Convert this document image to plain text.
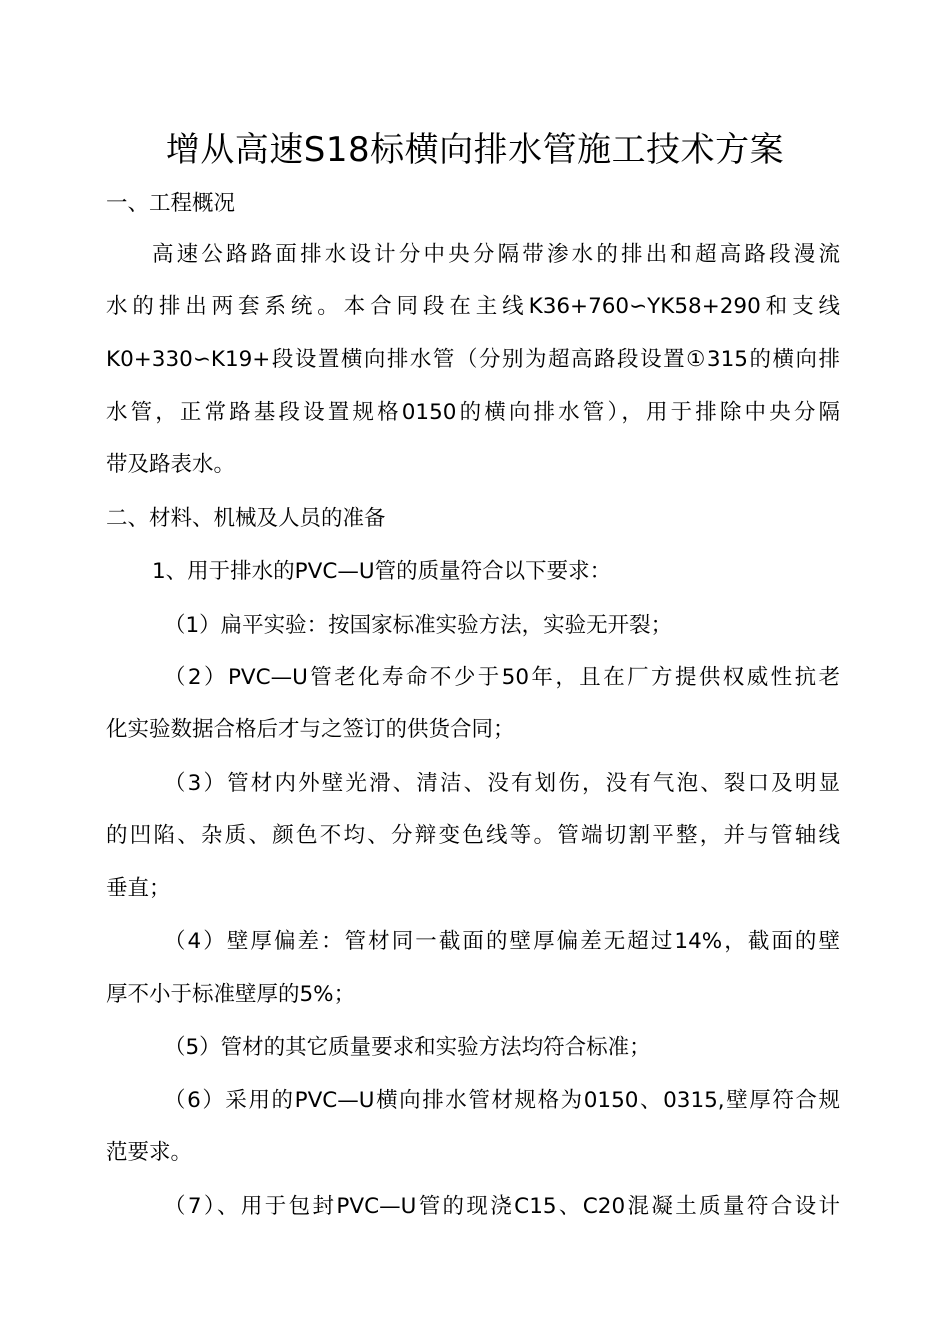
增从高速S18标横向排水管施工技术方案
一、工程概况
高速公路路面排水设计分中央分隔带渗水的排出和超高路段漫流
水的排出两套系统。本合同段在主线K36+760∽YK58+290和支线
K0+330∽K19+段设置横向排水管（分别为超高路段设置①315的横向排
水管，正常路基段设置规格0150的横向排水管），用于排除中央分隔
带及路表水。
二、材料、机械及人员的准备
1、用于排水的PVC—U管的质量符合以下要求：
（1）扁平实验：按国家标准实验方法，实验无开裂；
（2）PVC—U管老化寿命不少于50年，且在厂方提供权威性抗老
化实验数据合格后才与之签订的供货合同；
（3）管材内外壁光滑、清洁、没有划伤，没有气泡、裂口及明显
的凹陷、杂质、颜色不均、分辩变色线等。管端切割平整，并与管轴线
垂直；
（4）壁厚偏差：管材同一截面的壁厚偏差无超过14%，截面的壁
厚不小于标准壁厚的5%；
（5）管材的其它质量要求和实验方法均符合标准；
（6）采用的PVC—U横向排水管材规格为0150、0315,壁厚符合规
范要求。
（7）、用于包封PVC—U管的现浇C15、C20混凝土质量符合设计
